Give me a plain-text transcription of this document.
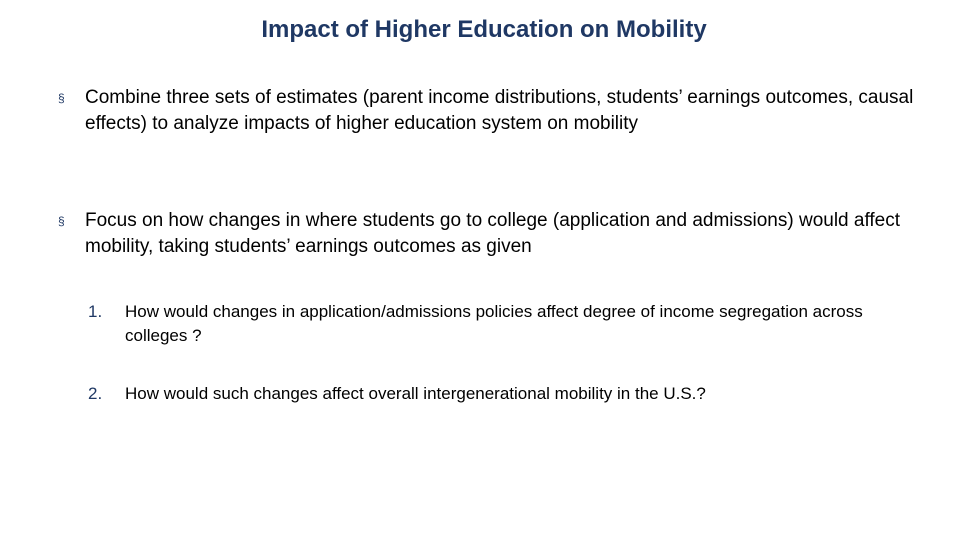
Impact of Higher Education on Mobility
§ Combine three sets of estimates (parent income distributions, students’ earnings outcomes, causal effects) to analyze impacts of higher education system on mobility
§ Focus on how changes in where students go to college (application and admissions) would affect mobility, taking students’ earnings outcomes as given
1. How would changes in application/admissions policies affect degree of income segregation across colleges ?
2. How would such changes affect overall intergenerational mobility in the U.S.?
